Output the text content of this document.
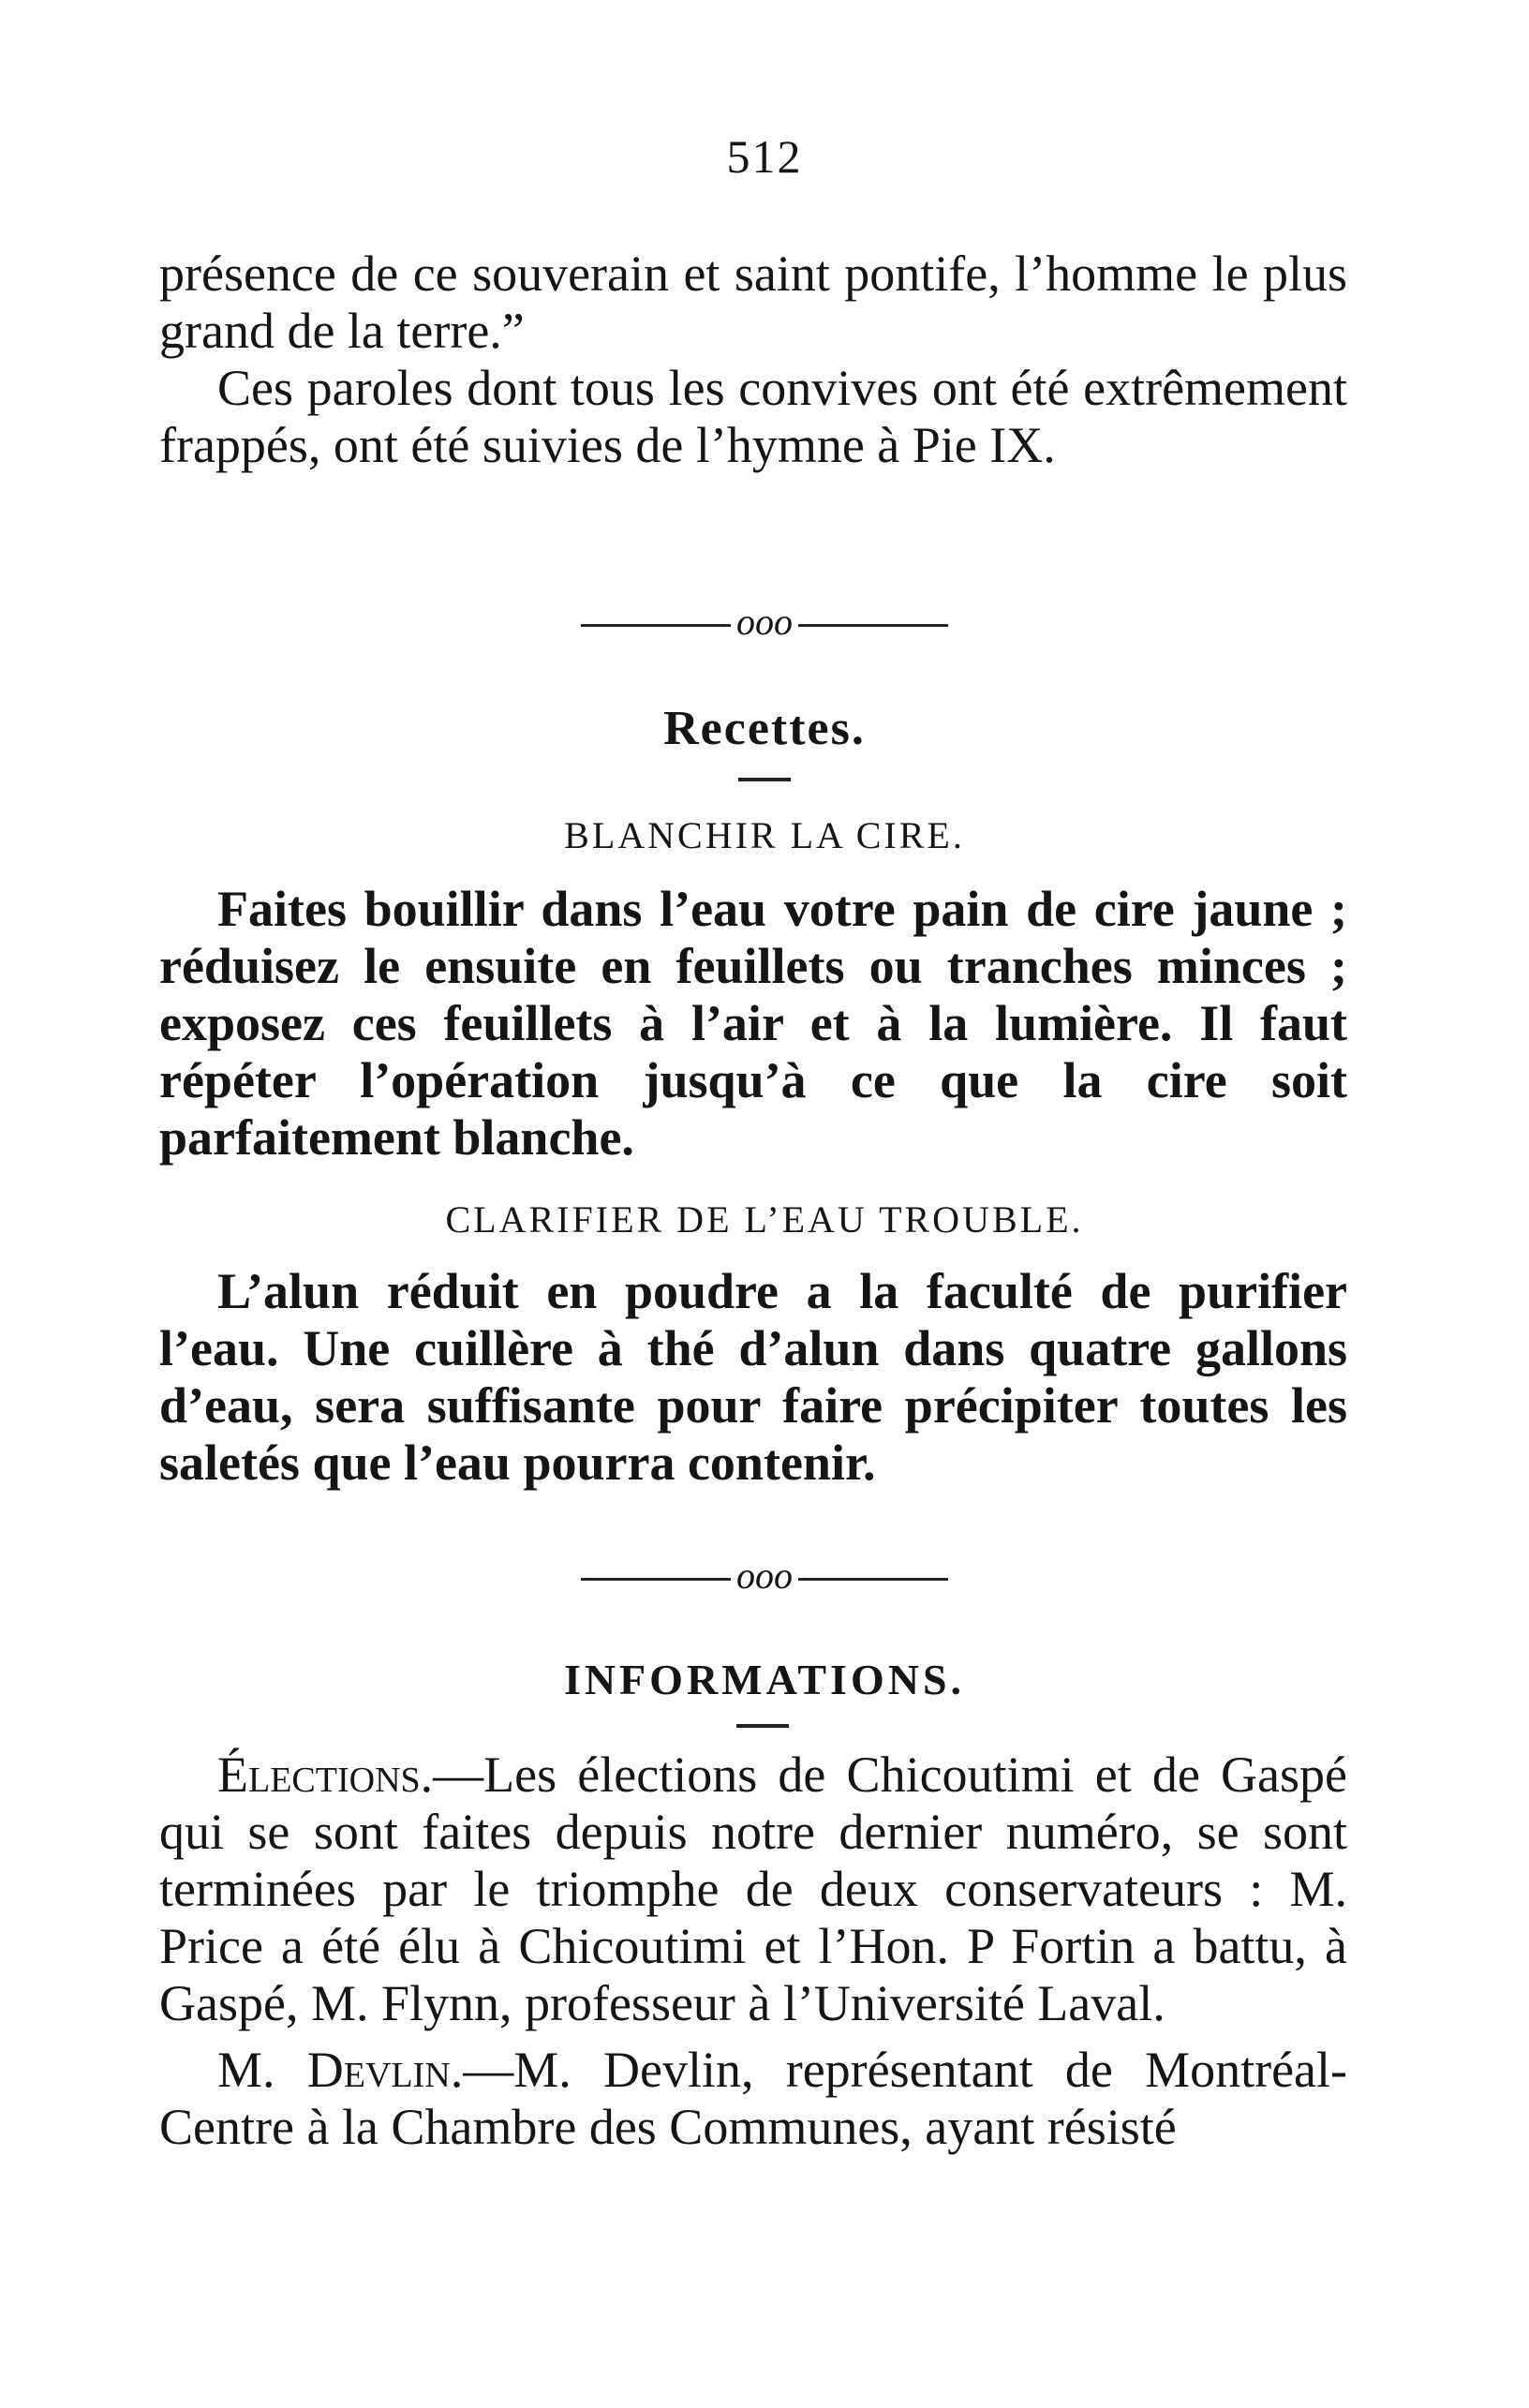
512

présence de ce souverain et saint pontife, l’homme le plus grand de la terre.”

Ces paroles dont tous les convives ont été extrêmement frappés, ont été suivies de l’hymne à Pie IX.

ooo
Recettes.
BLANCHIR LA CIRE.

Faites bouillir dans l’eau votre pain de cire jaune ; réduisez le ensuite en feuillets ou tranches minces ; exposez ces feuillets à l’air et à la lumière. Il faut répéter l’opération jusqu’à ce que la cire soit parfaitement blanche.

CLARIFIER DE L’EAU TROUBLE.

L’alun réduit en poudre a la faculté de purifier l’eau. Une cuillère à thé d’alun dans quatre gallons d’eau, sera suffisante pour faire précipiter toutes les saletés que l’eau pourra contenir.

ooo
INFORMATIONS.

Élections.—Les élections de Chicoutimi et de Gaspé qui se sont faites depuis notre dernier numéro, se sont terminées par le triomphe de deux conservateurs : M. Price a été élu à Chicoutimi et l’Hon. P Fortin a battu, à Gaspé, M. Flynn, professeur à l’Université Laval.

M. Devlin.—M. Devlin, représentant de Montréal-Centre à la Chambre des Communes, ayant résisté
